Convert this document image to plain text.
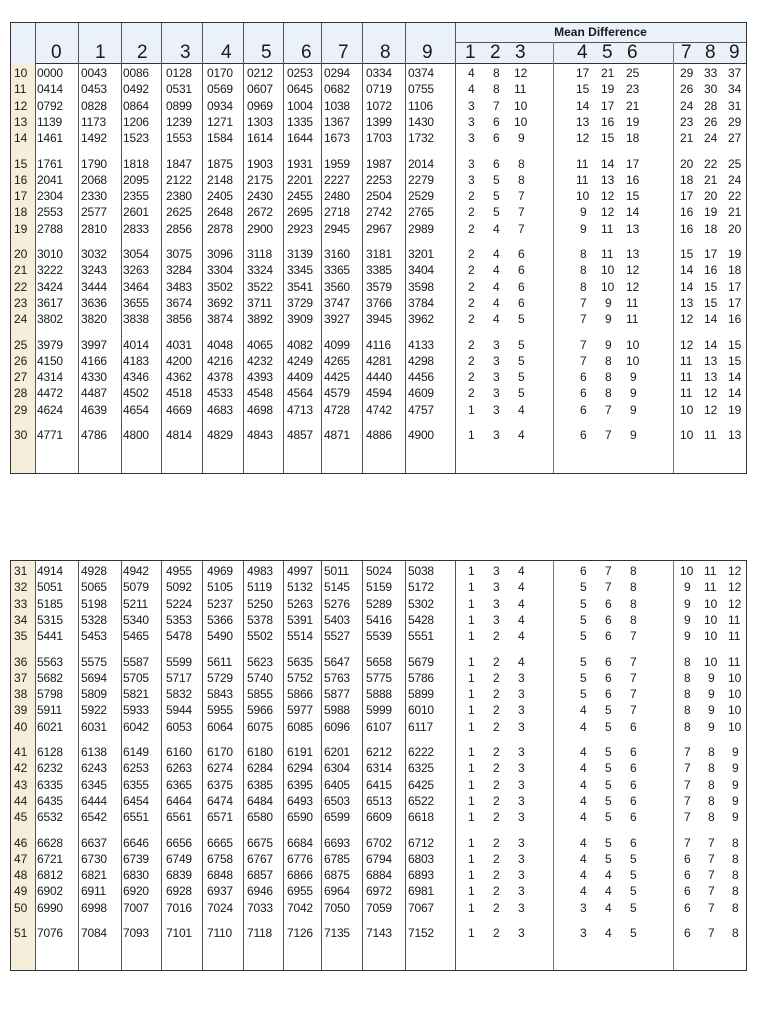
Mean Difference
0 1 2 3 4 5 6 7 8 9 1 2 3	4 5 6 7 8 9
10 0000 0043 0086 0128 0170 0212 0253 0294 0334 0374	4 8 12	17 21 25	29 33 37
11 0414 0453 0492 0531 0569 0607 0645 0682 0719 0755	4 8 11	15 19 23	26 30 34
12 0792 0828 0864 0899 0934 0969 1004 1038 1072 1106	3 7 10	14 17 21	24 28 31
13 1139 1173 1206 1239 1271 1303 1335 1367 1399 1430	3 6 10	13 16 19	23 26 29
14 1461 1492 1523 1553 1584 1614 1644 1673 1703 1732	3 6 9	12 15 18	21 24 27
15 1761 1790 1818 1847 1875 1903 1931 1959 1987 2014	3 6 8	11 14 17	20 22 25
16 2041 2068 2095 2122 2148 2175 2201 2227 2253 2279	3 5 8	11 13 16	18 21 24
17 2304 2330 2355 2380 2405 2430 2455 2480 2504 2529	2 5 7	10 12 15	17 20 22
18 2553 2577 2601 2625 2648 2672 2695 2718 2742 2765	2 5 7	9 12 14	16 19 21
19 2788 2810 2833 2856 2878 2900 2923 2945 2967 2989	2 4 7	9 11 13	16 18 20
20 3010 3032 3054 3075 3096 3118 3139 3160 3181 3201	2 4 6	8 11 13	15 17 19
21 3222 3243 3263 3284 3304 3324 3345 3365 3385 3404	2 4 6	8 10 12	14 16 18
22 3424 3444 3464 3483 3502 3522 3541 3560 3579 3598	2 4 6	8 10 12	14 15 17
23 3617 3636 3655 3674 3692 3711 3729 3747 3766 3784	2 4 6	7 9 11	13 15 17
24 3802 3820 3838 3856 3874 3892 3909 3927 3945 3962	2 4 5	7 9 11	12 14 16
25 3979 3997 4014 4031 4048 4065 4082 4099 4116 4133	2 3 5	7 9 10	12 14 15
26 4150 4166 4183 4200 4216 4232 4249 4265 4281 4298	2 3 5	7 8 10	11 13 15
27 4314 4330 4346 4362 4378 4393 4409 4425 4440 4456	2 3 5	6 8 9	11 13 14
28 4472 4487 4502 4518 4533 4548 4564 4579 4594 4609	2 3 5	6 8 9	11 12 14
29 4624 4639 4654 4669 4683 4698 4713 4728 4742 4757	1 3 4	6 7 9	10 12 19
30 4771 4786 4800 4814 4829 4843 4857 4871 4886 4900	1 3 4	6 7 9	10 11 13
31 4914 4928 4942 4955 4969 4983 4997 5011 5024 5038	1 3 4	6 7 8	10 11 12
32 5051 5065 5079 5092 5105 5119 5132 5145 5159 5172	1 3 4	5 7 8	9 11 12
33 5185 5198 5211 5224 5237 5250 5263 5276 5289 5302	1 3 4	5 6 8	9 10 12
34 5315 5328 5340 5353 5366 5378 5391 5403 5416 5428	1 3 4	5 6 8	9 10 11
35 5441 5453 5465 5478 5490 5502 5514 5527 5539 5551	1 2 4	5 6 7	9 10 11
36 5563 5575 5587 5599 5611 5623 5635 5647 5658 5679	1 2 4	5 6 7	8 10 11
37 5682 5694 5705 5717 5729 5740 5752 5763 5775 5786	1 2 3	5 6 7	8 9 10
38 5798 5809 5821 5832 5843 5855 5866 5877 5888 5899	1 2 3	5 6 7	8 9 10
39 5911 5922 5933 5944 5955 5966 5977 5988 5999 6010	1 2 3	4 5 7	8 9 10
40 6021 6031 6042 6053 6064 6075 6085 6096 6107 6117	1 2 3	4 5 6	8 9 10
41 6128 6138 6149 6160 6170 6180 6191 6201 6212 6222	1 2 3	4 5 6	7 8 9
42 6232 6243 6253 6263 6274 6284 6294 6304 6314 6325	1 2 3	4 5 6	7 8 9
43 6335 6345 6355 6365 6375 6385 6395 6405 6415 6425	1 2 3	4 5 6	7 8 9
44 6435 6444 6454 6464 6474 6484 6493 6503 6513 6522	1 2 3	4 5 6	7 8 9
45 6532 6542 6551 6561 6571 6580 6590 6599 6609 6618	1 2 3	4 5 6	7 8 9
46 6628 6637 6646 6656 6665 6675 6684 6693 6702 6712	1 2 3	4 5 6	7 7 8
47 6721 6730 6739 6749 6758 6767 6776 6785 6794 6803	1 2 3	4 5 5	6 7 8
48 6812 6821 6830 6839 6848 6857 6866 6875 6884 6893	1 2 3	4 4 5	6 7 8
49 6902 6911 6920 6928 6937 6946 6955 6964 6972 6981	1 2 3	4 4 5	6 7 8
50 6990 6998 7007 7016 7024 7033 7042 7050 7059 7067	1 2 3	3 4 5	6 7 8
51 7076 7084 7093 7101 7110 7118 7126 7135 7143 7152	1 2 3	3 4 5	6 7 8
